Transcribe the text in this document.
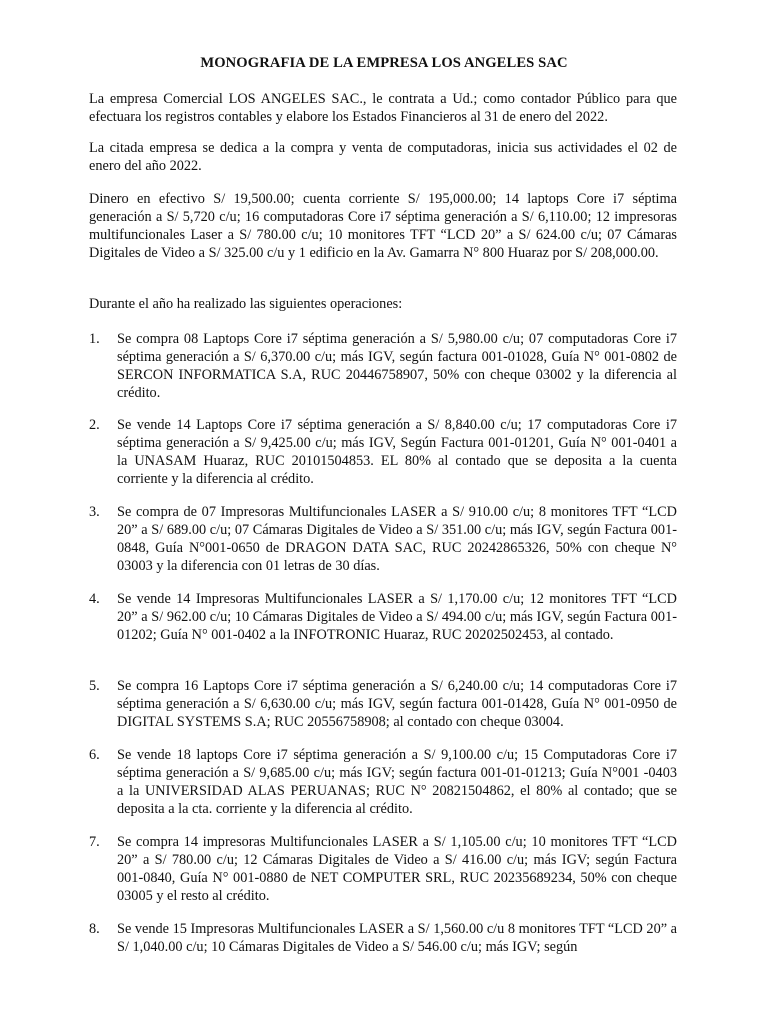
MONOGRAFIA DE LA EMPRESA LOS ANGELES SAC

La empresa Comercial LOS ANGELES SAC., le contrata a Ud.; como contador Público para que efectuara los registros contables y elabore los Estados Financieros al 31 de enero del 2022.

La citada empresa se dedica a la compra y venta de computadoras, inicia sus actividades el 02 de enero del año 2022.

Dinero en efectivo S/ 19,500.00; cuenta corriente S/ 195,000.00; 14 laptops Core i7 séptima generación a S/ 5,720 c/u; 16 computadoras Core i7 séptima generación a S/ 6,110.00; 12 impresoras multifuncionales Laser a S/ 780.00 c/u; 10 monitores TFT “LCD 20” a S/ 624.00 c/u; 07 Cámaras Digitales de Video a S/ 325.00 c/u y 1 edificio en la Av. Gamarra N° 800 Huaraz por S/ 208,000.00.

Durante el año ha realizado las siguientes operaciones:

1.	Se compra 08 Laptops Core i7 séptima generación a S/ 5,980.00 c/u; 07 computadoras Core i7 séptima generación a S/ 6,370.00 c/u; más IGV, según factura 001-01028, Guía N° 001-0802 de SERCON INFORMATICA S.A, RUC 20446758907, 50% con cheque 03002 y la diferencia al crédito.
2.	Se vende 14 Laptops Core i7 séptima generación a S/ 8,840.00 c/u; 17 computadoras Core i7 séptima generación a S/ 9,425.00 c/u; más IGV, Según Factura 001-01201, Guía N° 001-0401 a la UNASAM Huaraz, RUC 20101504853. EL 80% al contado que se deposita a la cuenta corriente y la diferencia al crédito.
3.	Se compra de 07 Impresoras Multifuncionales LASER a S/ 910.00 c/u; 8 monitores TFT “LCD 20” a S/ 689.00 c/u; 07 Cámaras Digitales de Video a S/ 351.00 c/u; más IGV, según Factura 001-0848, Guía N°001-0650 de DRAGON DATA SAC, RUC 20242865326, 50% con cheque N° 03003 y la diferencia con 01 letras de 30 días.
4.	Se vende 14 Impresoras Multifuncionales LASER a S/ 1,170.00 c/u; 12 monitores TFT “LCD 20” a S/ 962.00 c/u; 10 Cámaras Digitales de Video a S/ 494.00 c/u; más IGV, según Factura 001-01202; Guía N° 001-0402 a la INFOTRONIC Huaraz, RUC 20202502453, al contado.
5.	Se compra 16 Laptops Core i7 séptima generación a S/ 6,240.00 c/u; 14 computadoras Core i7 séptima generación a S/ 6,630.00 c/u; más IGV, según factura 001-01428, Guía N° 001-0950 de DIGITAL SYSTEMS S.A; RUC 20556758908; al contado con cheque 03004.
6.	Se vende 18 laptops Core i7 séptima generación a S/ 9,100.00 c/u; 15 Computadoras Core i7 séptima generación a S/ 9,685.00 c/u; más IGV; según factura 001-01-01213; Guía N°001 -0403 a la UNIVERSIDAD ALAS PERUANAS; RUC N° 20821504862, el 80% al contado; que se deposita a la cta. corriente y la diferencia al crédito.
7.	Se compra 14 impresoras Multifuncionales LASER a S/ 1,105.00 c/u; 10 monitores TFT “LCD 20” a S/ 780.00 c/u; 12 Cámaras Digitales de Video a S/ 416.00 c/u; más IGV; según Factura 001-0840, Guía N° 001-0880 de NET COMPUTER SRL, RUC 20235689234, 50% con cheque 03005 y el resto al crédito.
8.	Se vende 15 Impresoras Multifuncionales LASER a S/ 1,560.00 c/u 8 monitores TFT “LCD 20” a S/ 1,040.00 c/u; 10 Cámaras Digitales de Video a S/ 546.00 c/u; más IGV; según
